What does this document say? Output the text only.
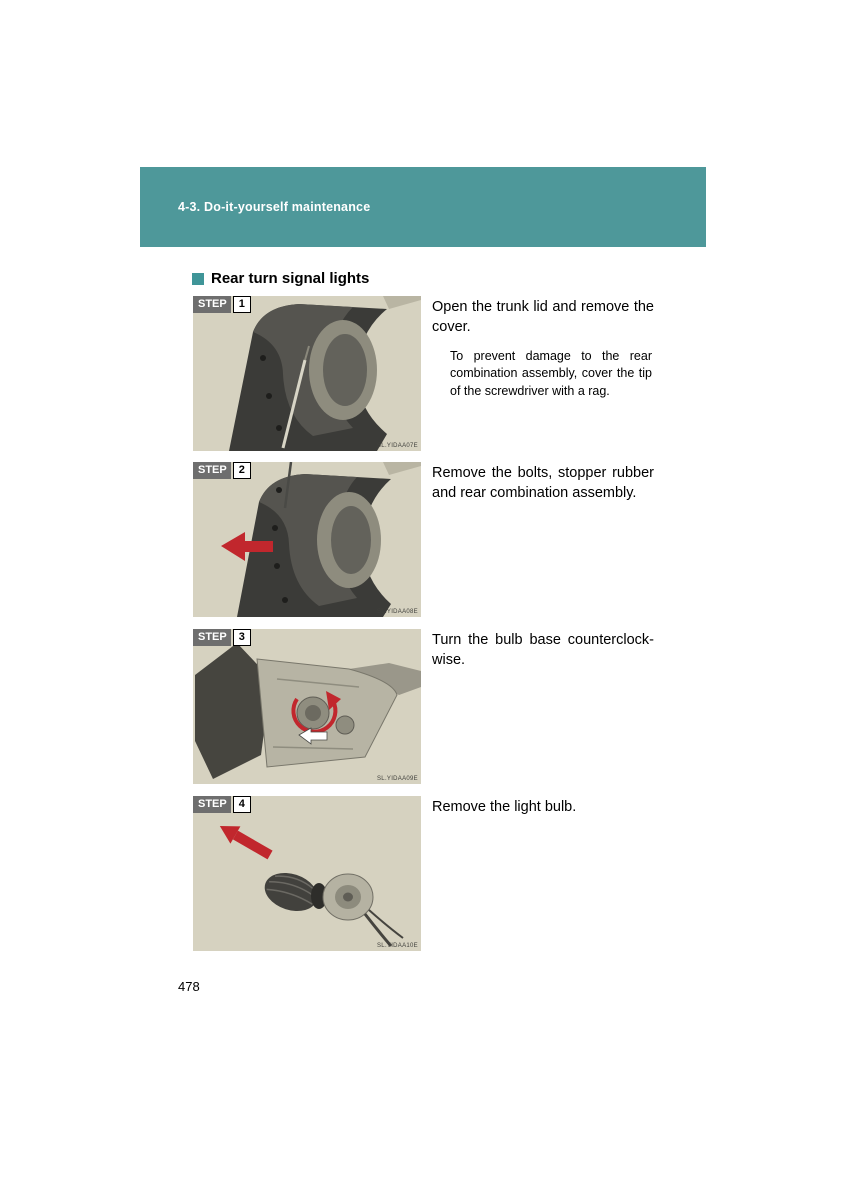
4-3. Do-it-yourself maintenance
Rear turn signal lights
STEP	1
SL.YIDAA07E

Open the trunk lid and remove the cover.

To prevent damage to the rear combination assembly, cover the tip of the screwdriver with a rag.

STEP	2
SL.YIDAA08E

Remove the bolts, stopper rubber and rear combination assembly.

STEP	3
SL.YIDAA09E

Turn the bulb base counterclock-wise.

STEP	4
SL.YIDAA10E

Remove the light bulb.

478
